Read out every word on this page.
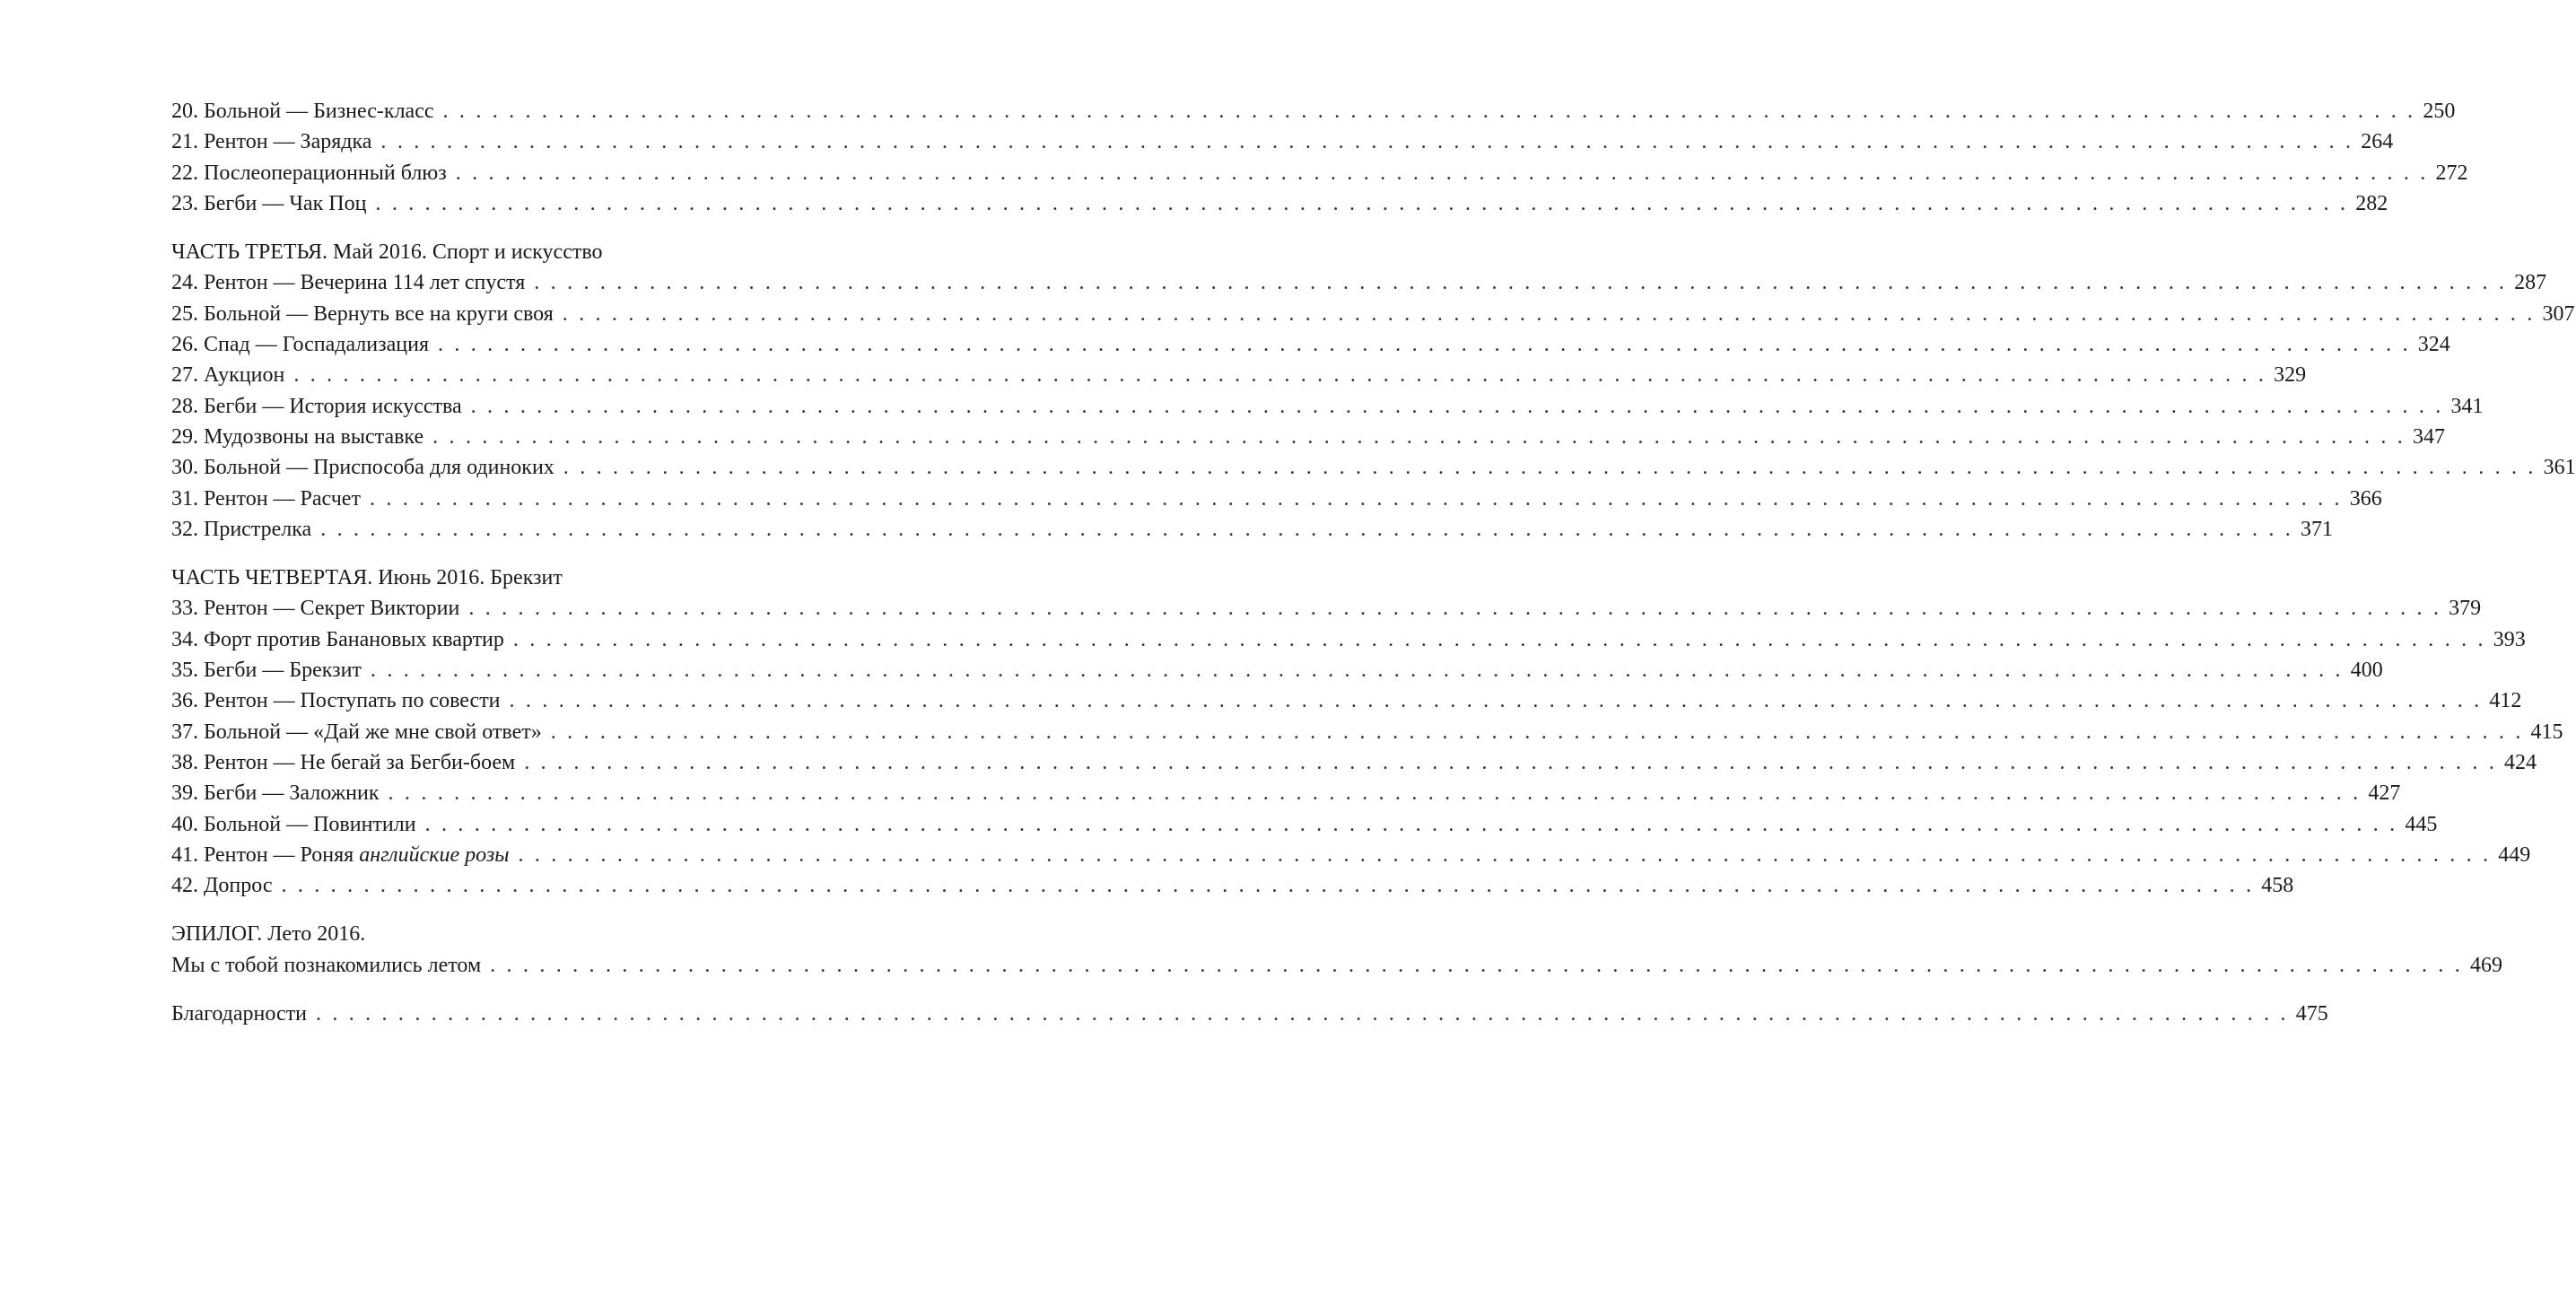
20. Больной — Бизнес-класс . . . . . . . . . . . . . . . . . . . . . . . . . . . . . . . . . . . . . . . . . . . . . . . . . . . . . . . . . . . . . . . . . . . . . . . . . . . . . . . . . . . . . . . . . . . . . . . . . . . . . . . . . . . . . . . . . . . . . . . . 250
21. Рентон — Зарядка . . . . . . . . . . . . . . . . . . . . . . . . . . . . . . . . . . . . . . . . . . . . . . . . . . . . . . . . . . . . . . . . . . . . . . . . . . . . . . . . . . . . . . . . . . . . . . . . . . . . . . . . . . . . . . . . . . . . . . . . 264
22. Послеоперационный блюз . . . . . . . . . . . . . . . . . . . . . . . . . . . . . . . . . . . . . . . . . . . . . . . . . . . . . . . . . . . . . . . . . . . . . . . . . . . . . . . . . . . . . . . . . . . . . . . . . . . . . . . . . . . . . . . . . . . . . . . . 272
23. Бегби — Чак Поц . . . . . . . . . . . . . . . . . . . . . . . . . . . . . . . . . . . . . . . . . . . . . . . . . . . . . . . . . . . . . . . . . . . . . . . . . . . . . . . . . . . . . . . . . . . . . . . . . . . . . . . . . . . . . . . . . . . . . . . . 282
ЧАСТЬ ТРЕТЬЯ. Май 2016. Спорт и искусство
24. Рентон — Вечерина 114 лет спустя . . . . . . . . . . . . . . . . . . . . . . . . . . . . . . . . . . . . . . . . . . . . . . . . . . . . . . . . . . . . . . . . . . . . . . . . . . . . . . . . . . . . . . . . . . . . . . . . . . . . . . . . . . . . . . . . . . . . . . . . 287
25. Больной — Вернуть все на круги своя . . . . . . . . . . . . . . . . . . . . . . . . . . . . . . . . . . . . . . . . . . . . . . . . . . . . . . . . . . . . . . . . . . . . . . . . . . . . . . . . . . . . . . . . . . . . . . . . . . . . . . . . . . . . . . . . . . . . . . . . 307
26. Спад — Госпадализация . . . . . . . . . . . . . . . . . . . . . . . . . . . . . . . . . . . . . . . . . . . . . . . . . . . . . . . . . . . . . . . . . . . . . . . . . . . . . . . . . . . . . . . . . . . . . . . . . . . . . . . . . . . . . . . . . . . . . . . . 324
27. Аукцион . . . . . . . . . . . . . . . . . . . . . . . . . . . . . . . . . . . . . . . . . . . . . . . . . . . . . . . . . . . . . . . . . . . . . . . . . . . . . . . . . . . . . . . . . . . . . . . . . . . . . . . . . . . . . . . . . . . . . . . . 329
28. Бегби — История искусства . . . . . . . . . . . . . . . . . . . . . . . . . . . . . . . . . . . . . . . . . . . . . . . . . . . . . . . . . . . . . . . . . . . . . . . . . . . . . . . . . . . . . . . . . . . . . . . . . . . . . . . . . . . . . . . . . . . . . . . . 341
29. Мудозвоны на выставке . . . . . . . . . . . . . . . . . . . . . . . . . . . . . . . . . . . . . . . . . . . . . . . . . . . . . . . . . . . . . . . . . . . . . . . . . . . . . . . . . . . . . . . . . . . . . . . . . . . . . . . . . . . . . . . . . . . . . . . . 347
30. Больной — Приспособа для одиноких . . . . . . . . . . . . . . . . . . . . . . . . . . . . . . . . . . . . . . . . . . . . . . . . . . . . . . . . . . . . . . . . . . . . . . . . . . . . . . . . . . . . . . . . . . . . . . . . . . . . . . . . . . . . . . . . . . . . . . . . 361
31. Рентон — Расчет . . . . . . . . . . . . . . . . . . . . . . . . . . . . . . . . . . . . . . . . . . . . . . . . . . . . . . . . . . . . . . . . . . . . . . . . . . . . . . . . . . . . . . . . . . . . . . . . . . . . . . . . . . . . . . . . . . . . . . . . 366
32. Пристрелка . . . . . . . . . . . . . . . . . . . . . . . . . . . . . . . . . . . . . . . . . . . . . . . . . . . . . . . . . . . . . . . . . . . . . . . . . . . . . . . . . . . . . . . . . . . . . . . . . . . . . . . . . . . . . . . . . . . . . . . . 371
ЧАСТЬ ЧЕТВЕРТАЯ. Июнь 2016. Брекзит
33. Рентон — Секрет Виктории . . . . . . . . . . . . . . . . . . . . . . . . . . . . . . . . . . . . . . . . . . . . . . . . . . . . . . . . . . . . . . . . . . . . . . . . . . . . . . . . . . . . . . . . . . . . . . . . . . . . . . . . . . . . . . . . . . . . . . . . 379
34. Форт против Банановых квартир . . . . . . . . . . . . . . . . . . . . . . . . . . . . . . . . . . . . . . . . . . . . . . . . . . . . . . . . . . . . . . . . . . . . . . . . . . . . . . . . . . . . . . . . . . . . . . . . . . . . . . . . . . . . . . . . . . . . . . . . 393
35. Бегби — Брекзит . . . . . . . . . . . . . . . . . . . . . . . . . . . . . . . . . . . . . . . . . . . . . . . . . . . . . . . . . . . . . . . . . . . . . . . . . . . . . . . . . . . . . . . . . . . . . . . . . . . . . . . . . . . . . . . . . . . . . . . . 400
36. Рентон — Поступать по совести . . . . . . . . . . . . . . . . . . . . . . . . . . . . . . . . . . . . . . . . . . . . . . . . . . . . . . . . . . . . . . . . . . . . . . . . . . . . . . . . . . . . . . . . . . . . . . . . . . . . . . . . . . . . . . . . . . . . . . . . 412
37. Больной — «Дай же мне свой ответ» . . . . . . . . . . . . . . . . . . . . . . . . . . . . . . . . . . . . . . . . . . . . . . . . . . . . . . . . . . . . . . . . . . . . . . . . . . . . . . . . . . . . . . . . . . . . . . . . . . . . . . . . . . . . . . . . . . . . . . . . 415
38. Рентон — Не бегай за Бегби-боем . . . . . . . . . . . . . . . . . . . . . . . . . . . . . . . . . . . . . . . . . . . . . . . . . . . . . . . . . . . . . . . . . . . . . . . . . . . . . . . . . . . . . . . . . . . . . . . . . . . . . . . . . . . . . . . . . . . . . . . . 424
39. Бегби — Заложник . . . . . . . . . . . . . . . . . . . . . . . . . . . . . . . . . . . . . . . . . . . . . . . . . . . . . . . . . . . . . . . . . . . . . . . . . . . . . . . . . . . . . . . . . . . . . . . . . . . . . . . . . . . . . . . . . . . . . . . . 427
40. Больной — Повинтили . . . . . . . . . . . . . . . . . . . . . . . . . . . . . . . . . . . . . . . . . . . . . . . . . . . . . . . . . . . . . . . . . . . . . . . . . . . . . . . . . . . . . . . . . . . . . . . . . . . . . . . . . . . . . . . . . . . . . . . . 445
41. Рентон — Роняя английские розы . . . . . . . . . . . . . . . . . . . . . . . . . . . . . . . . . . . . . . . . . . . . . . . . . . . . . . . . . . . . . . . . . . . . . . . . . . . . . . . . . . . . . . . . . . . . . . . . . . . . . . . . . . . . . . . . . . . . . . . . 449
42. Допрос . . . . . . . . . . . . . . . . . . . . . . . . . . . . . . . . . . . . . . . . . . . . . . . . . . . . . . . . . . . . . . . . . . . . . . . . . . . . . . . . . . . . . . . . . . . . . . . . . . . . . . . . . . . . . . . . . . . . . . . . 458
ЭПИЛОГ. Лето 2016.
Мы с тобой познакомились летом . . . . . . . . . . . . . . . . . . . . . . . . . . . . . . . . . . . . . . . . . . . . . . . . . . . . . . . . . . . . . . . . . . . . . . . . . . . . . . . . . . . . . . . . . . . . . . . . . . . . . . . . . . . . . . . . . . . . . . . . 469
Благодарности . . . . . . . . . . . . . . . . . . . . . . . . . . . . . . . . . . . . . . . . . . . . . . . . . . . . . . . . . . . . . . . . . . . . . . . . . . . . . . . . . . . . . . . . . . . . . . . . . . . . . . . . . . . . . . . . . . . . . . . . 475
